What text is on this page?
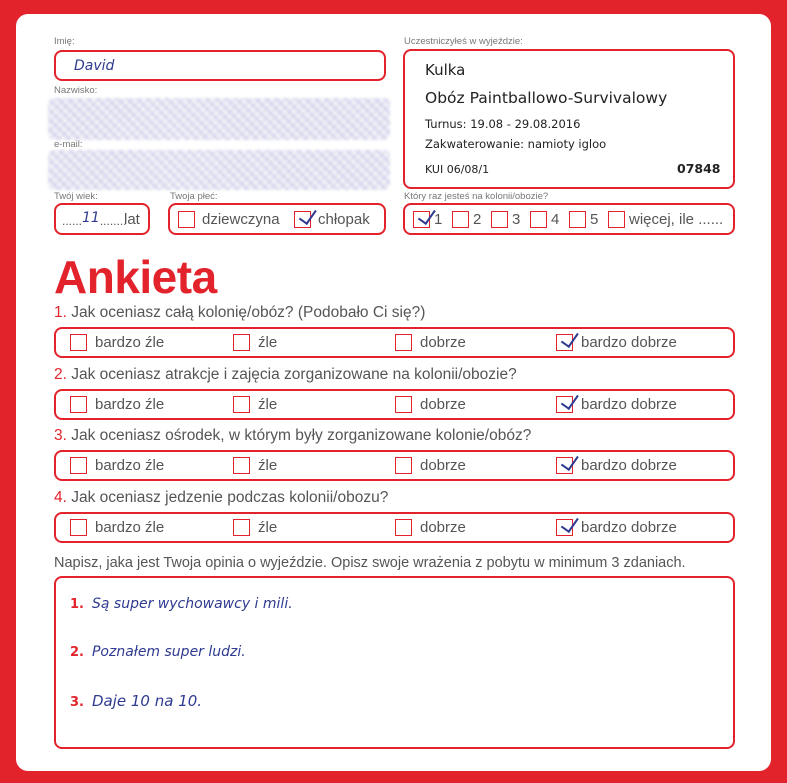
Imię:
David
Nazwisko:
e-mail:
Twój wiek:
......11........
lat
Twoja płeć:
dziewczyna	chłopak
Uczestniczyłeś w wyjeździe:
Kulka
Obóz Paintballowo-Survivalowy
Turnus: 19.08 - 29.08.2016
Zakwaterowanie: namioty igloo
KUI 06/08/1	07848
Który raz jesteś na kolonii/obozie?
1 2 3 4 5 więcej, ile ......
Ankieta
1. Jak oceniasz całą kolonię/obóz? (Podobało Ci się?)
bardzo źle	źle	dobrze	bardzo dobrze
2. Jak oceniasz atrakcje i zajęcia zorganizowane na kolonii/obozie?
bardzo źle	źle	dobrze	bardzo dobrze
3. Jak oceniasz ośrodek, w którym były zorganizowane kolonie/obóz?
bardzo źle	źle	dobrze	bardzo dobrze
4. Jak oceniasz jedzenie podczas kolonii/obozu?
bardzo źle	źle	dobrze	bardzo dobrze
Napisz, jaka jest Twoja opinia o wyjeździe. Opisz swoje wrażenia z pobytu w minimum 3 zdaniach.
1. Są super wychowawcy i mili.
2. Poznałem super ludzi.
3. Daje 10 na 10.
